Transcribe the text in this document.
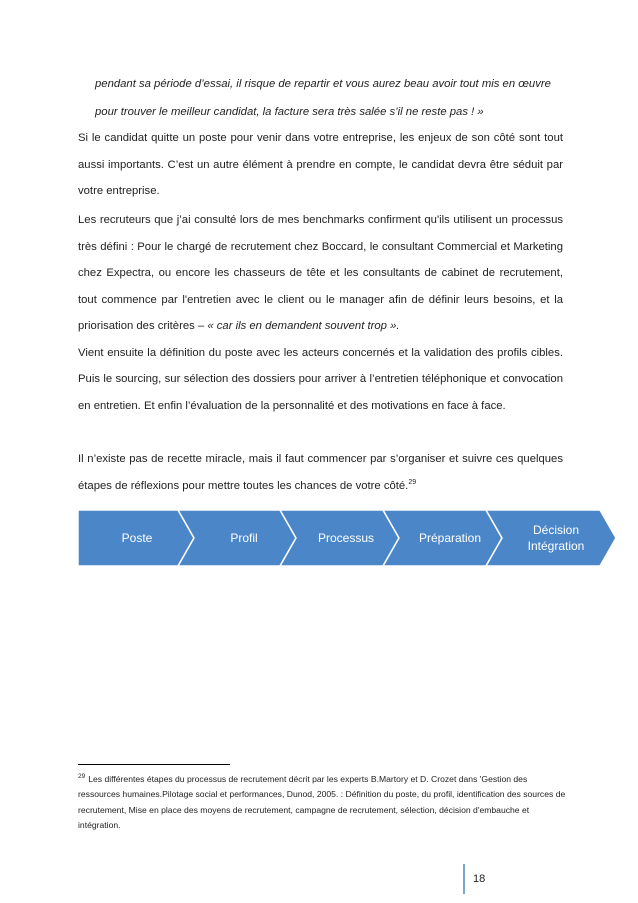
pendant sa période d’essai, il risque de repartir et vous aurez beau avoir tout mis en œuvre
pour trouver le meilleur candidat, la facture sera très salée s’il ne reste pas ! »

Si le candidat quitte un poste pour venir dans votre entreprise, les enjeux de son côté sont tout aussi importants. C’est un autre élément à prendre en compte, le candidat devra être séduit par votre entreprise.

Les recruteurs que j’ai consulté lors de mes benchmarks confirment qu'ils utilisent un processus très défini : Pour le chargé de recrutement chez Boccard, le consultant Commercial et Marketing chez Expectra, ou encore les chasseurs de tête et les consultants de cabinet de recrutement, tout commence par l'entretien avec le client ou le manager afin de définir leurs besoins, et la priorisation des critères – « car ils en demandent souvent trop ».
Vient ensuite la définition du poste avec les acteurs concernés et la validation des profils cibles. Puis le sourcing, sur sélection des dossiers pour arriver à l’entretien téléphonique et convocation en entretien. Et enfin l’évaluation de la personnalité et des motivations en face à face.

Il n’existe pas de recette miracle, mais il faut commencer par s’organiser et suivre ces quelques étapes de réflexions pour mettre toutes les chances de votre côté.$^{29}$

Poste	Profil	Processus	Préparation
Décision
Intégration
$^{29}$ Les différentes étapes du processus de recrutement décrit par les experts B.Martory et D. Crozet dans 'Gestion des ressources humaines.Pilotage social et performances, Dunod, 2005. : Définition du poste, du profil, identification des sources de recrutement, Mise en place des moyens de recrutement, campagne de recrutement, sélection, décision d'embauche et intégration.
18
